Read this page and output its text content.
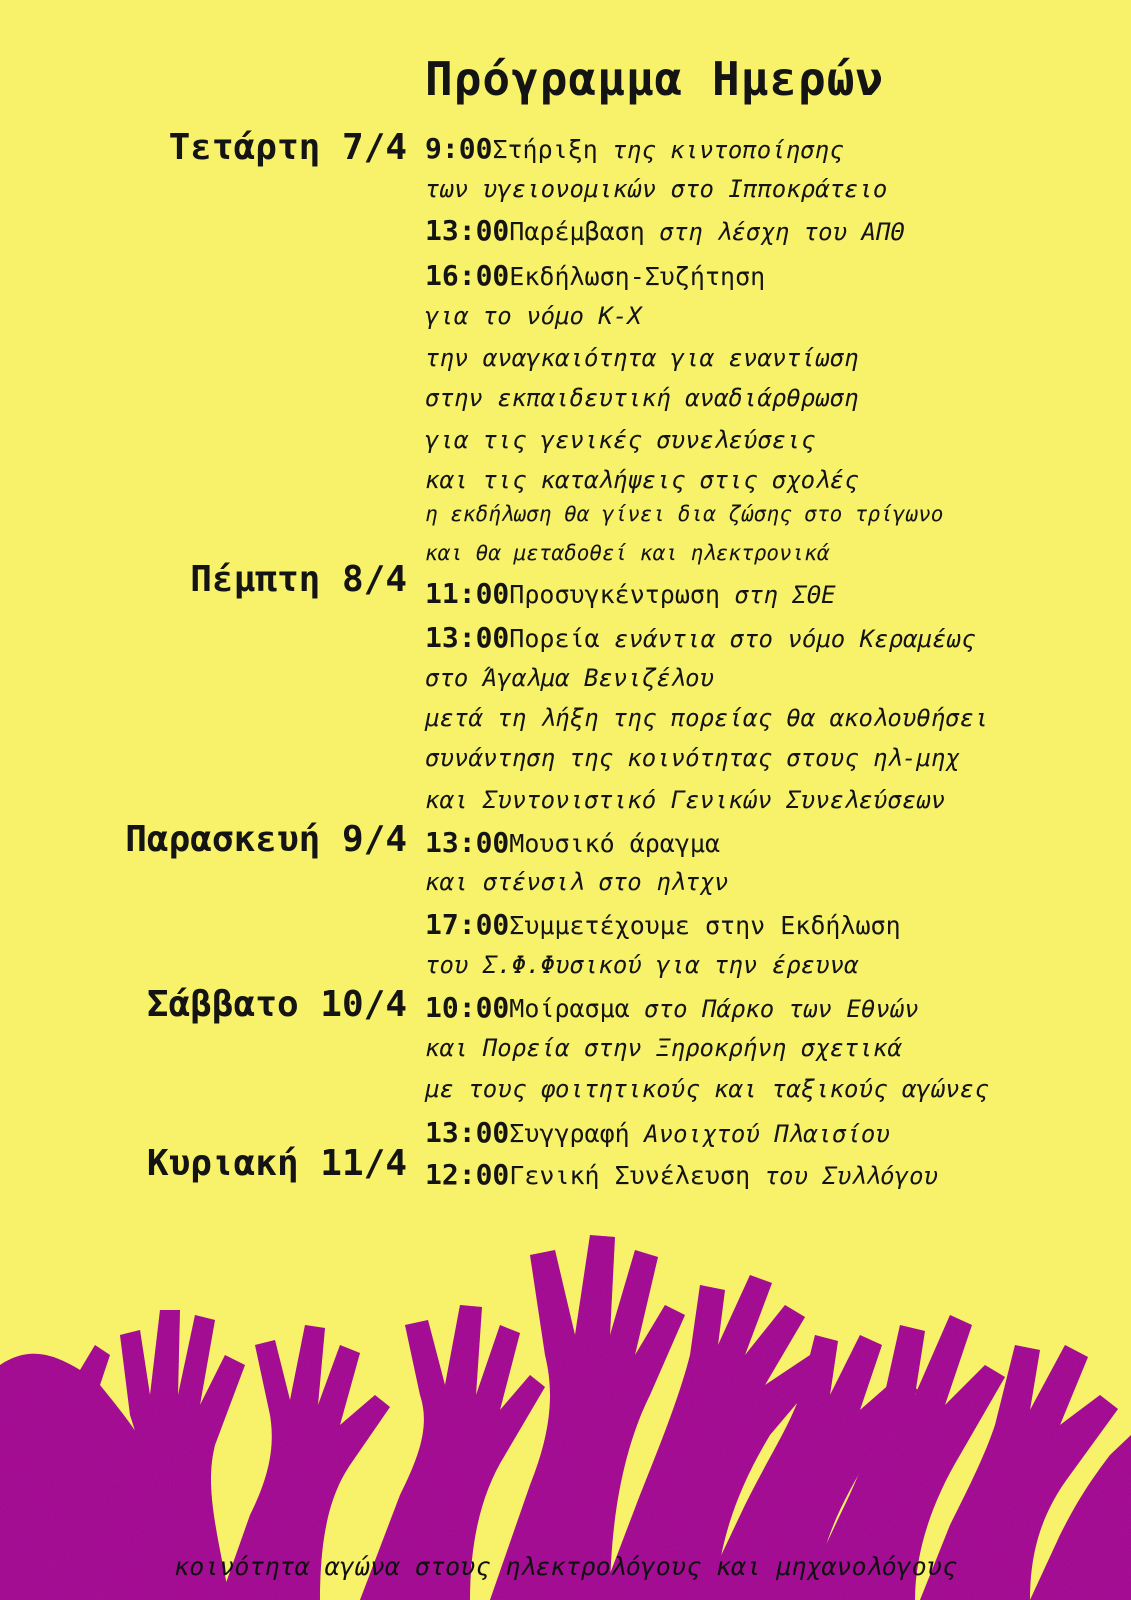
Πρόγραμμα Ημερών
Τετάρτη 7/4
Πέμπτη 8/4
Παρασκευή 9/4
Σάββατο 10/4
Κυριακή 11/4
9:00Στήριξη της κιντοποίησης
των υγειονομικών στο Ιπποκράτειο
13:00Παρέμβαση στη λέσχη του ΑΠΘ
16:00Εκδήλωση-Συζήτηση
για το νόμο Κ-Χ
την αναγκαιότητα για εναντίωση
στην εκπαιδευτική αναδιάρθρωση
για τις γενικές συνελεύσεις
και τις καταλήψεις στις σχολές
η εκδήλωση θα γίνει δια ζώσης στο τρίγωνο
και θα μεταδοθεί και ηλεκτρονικά
11:00Προσυγκέντρωση στη ΣΘΕ
13:00Πορεία ενάντια στο νόμο Κεραμέως
στο Άγαλμα Βενιζέλου
μετά τη λήξη της πορείας θα ακολουθήσει
συνάντηση της κοινότητας στους ηλ-μηχ
και Συντονιστικό Γενικών Συνελεύσεων
13:00Μουσικό άραγμα
και στένσιλ στο ηλτχν
17:00Συμμετέχουμε στην Εκδήλωση
του Σ.Φ.Φυσικού για την έρευνα
10:00Μοίρασμα στο Πάρκο των Εθνών
και Πορεία στην Ξηροκρήνη σχετικά
με τους φοιτητικούς και ταξικούς αγώνες
13:00Συγγραφή Ανοιχτού Πλαισίου
12:00Γενική Συνέλευση του Συλλόγου
κοινότητα αγώνα στους ηλεκτρολόγους και μηχανολόγους
